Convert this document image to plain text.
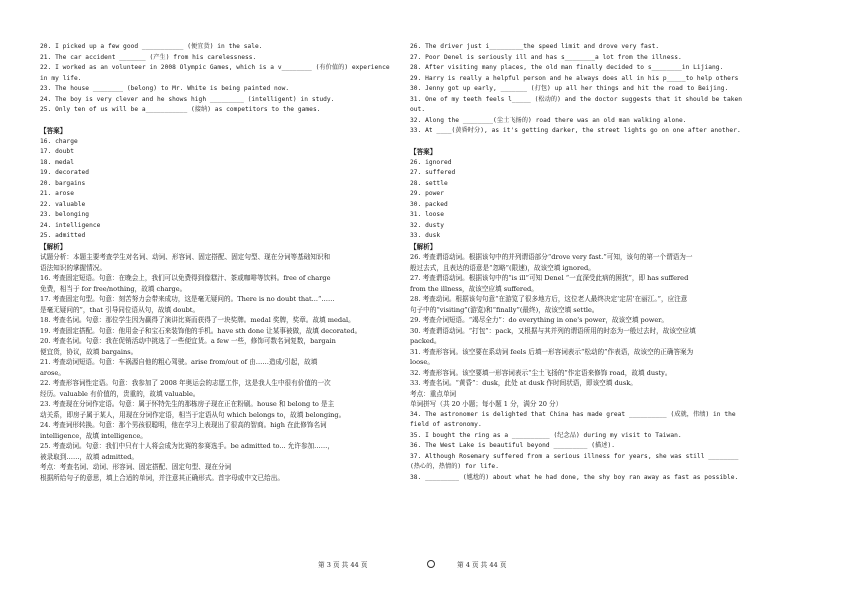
20. I picked up a few good ___________ (便宜货) in the sale.
21. The car accident _______ (产生) from his carelessness.
22. I worked as an volunteer in 2008 Olympic Games, which is a v________ (有价值的) experience
in my life.
23. The house ________ (belong) to Mr. White is being painted now.
24. The boy is very clever and he shows high _________ (intelligent) in study.
25. Only ten of us will be a___________ (接纳) as competitors to the games.
【答案】
16. charge
17. doubt
18. medal
19. decorated
20. bargains
21. arose
22. valuable
23. belonging
24. intelligence
25. admitted
【解析】
试题分析：本题主要考查学生对名词、动词、形容词、固定搭配、固定句型、现在分词等基础知识和
语法知识的掌握情况。
16. 考查固定短语。句意：在晚会上，我们可以免费得到像糕汁、茶或咖啡等饮料。free of charge
免费，相当于 for free/nothing，故填 charge。
17. 考查固定句型。句意：刻苦努力会带来成功，这是毫无疑问的。There is no doubt that...“……
是毫无疑问的”，that 引导同位语从句，故填 doubt。
18. 考查名词。句意：那位学生因为赢得了演讲比赛而获得了一块奖牌。medal 奖牌，奖章。故填 medal。
19. 考查固定搭配。句意：他用金子和宝石来装饰他的手机。have sth done 让某事被做，故填 decorated。
20. 考查名词。句意：我在促销活动中挑选了一些便宜货。a few 一些，修饰可数名词复数，bargain
便宜货，协议，故填 bargains。
21. 考查动词短语。句意：车祸源自他的粗心驾驶。arise from/out of 由……造成/引起，故填
arose。
22. 考查形容词性定语。句意：我参加了 2008 年奥运会的志愿工作，这是我人生中很有价值的一次
经历。valuable 有价值的，贵重的，故填 valuable。
23. 考查现在分词作定语。句意：属于怀特先生的那栋房子现在正在粉刷。house 和 belong to 是主
动关系，即房子属于某人，用现在分词作定语，相当于定语从句 which belongs to，故填 belonging。
24. 考查词形转换。句意：那个男孩很聪明，他在学习上表现出了很高的智商。high 在此修饰名词
intelligence，故填 intelligence。
25. 考查动词。句意：我们中只有十人将会成为比赛的参赛选手。be admitted to... 允许参加……，
被录取到……，故填 admitted。
考点：考查名词、动词、形容词、固定搭配、固定句型、现在分词
根据所给句子的意思，填上合适的单词，并注意其正确形式。首字母或中文已给出。
26. The driver just i_________the speed limit and drove very fast.
27. Poor Denel is seriously ill and has s________a lot from the illness.
28. After visiting many places, the old man finally decided to s________in Lijiang.
29. Harry is really a helpful person and he always does all in his p_____to help others
30. Jenny got up early, _______ (打包) up all her things and hit the road to Beijing.
31. One of my teeth feels l_____ (松动的) and the doctor suggests that it should be taken
out.
32. Along the ________(尘土飞扬的) road there was an old man walking alone.
33. At ____(黄昏时分), as it's getting darker, the street lights go on one after another.
【答案】
26. ignored
27. suffered
28. settle
29. power
30. packed
31. loose
32. dusty
33. dusk
【解析】
26. 考查谓语动词。根据该句中的并列谓语部分“drove very fast.”可知，该句的第一个谓语为一
般过去式，且表达的语意是“忽略”(限速)，故该空填 ignored。
27. 考查谓语动词。根据该句中的“is ill”可知 Denel “一直深受此病的困扰”，即 has suffered
from the illness，故该空应填 suffered。
28. 考查动词。根据该句句意“在游览了很多地方后，这位老人最终决定‘定居’在丽江。”，应注意
句子中的“visiting”(游览)和“finally”(最终)，故该空填 settle。
29. 考查介词短语。“竭尽全力”：do everything in one's power，故该空填 power。
30. 考查谓语动词。“打包”：pack，又根据与其并列的谓语所用的时态为一般过去时，故该空应填
packed。
31. 考查形容词。该空要在系动词 feels 后填一形容词表示“松动的”作表语，故该空的正确答案为
loose。
32. 考查形容词。该空要填一形容词表示“尘土飞扬的”作定语来修饰 road，故填 dusty。
33. 考查名词。“黄昏”：dusk，此处 at dusk 作时间状语，即该空填 dusk。
考点：重点单词
单词拼写（共 20 小题；每小题 1 分，满分 20 分）
34. The astronomer is delighted that China has made great __________ (成就，伟绩) in the
field of astronomy.
35. I bought the ring as a __________ (纪念品) during my visit to Taiwan.
36. The West Lake is beautiful beyond _________ (描述).
37. Although Rosemary suffered from a serious illness for years, she was still ________
(热心的，热情的) for life.
38. _________ (尴尬的) about what he had done, the shy boy ran away as fast as possible.
第 3 页 共 44 页	第 4 页 共 44 页
